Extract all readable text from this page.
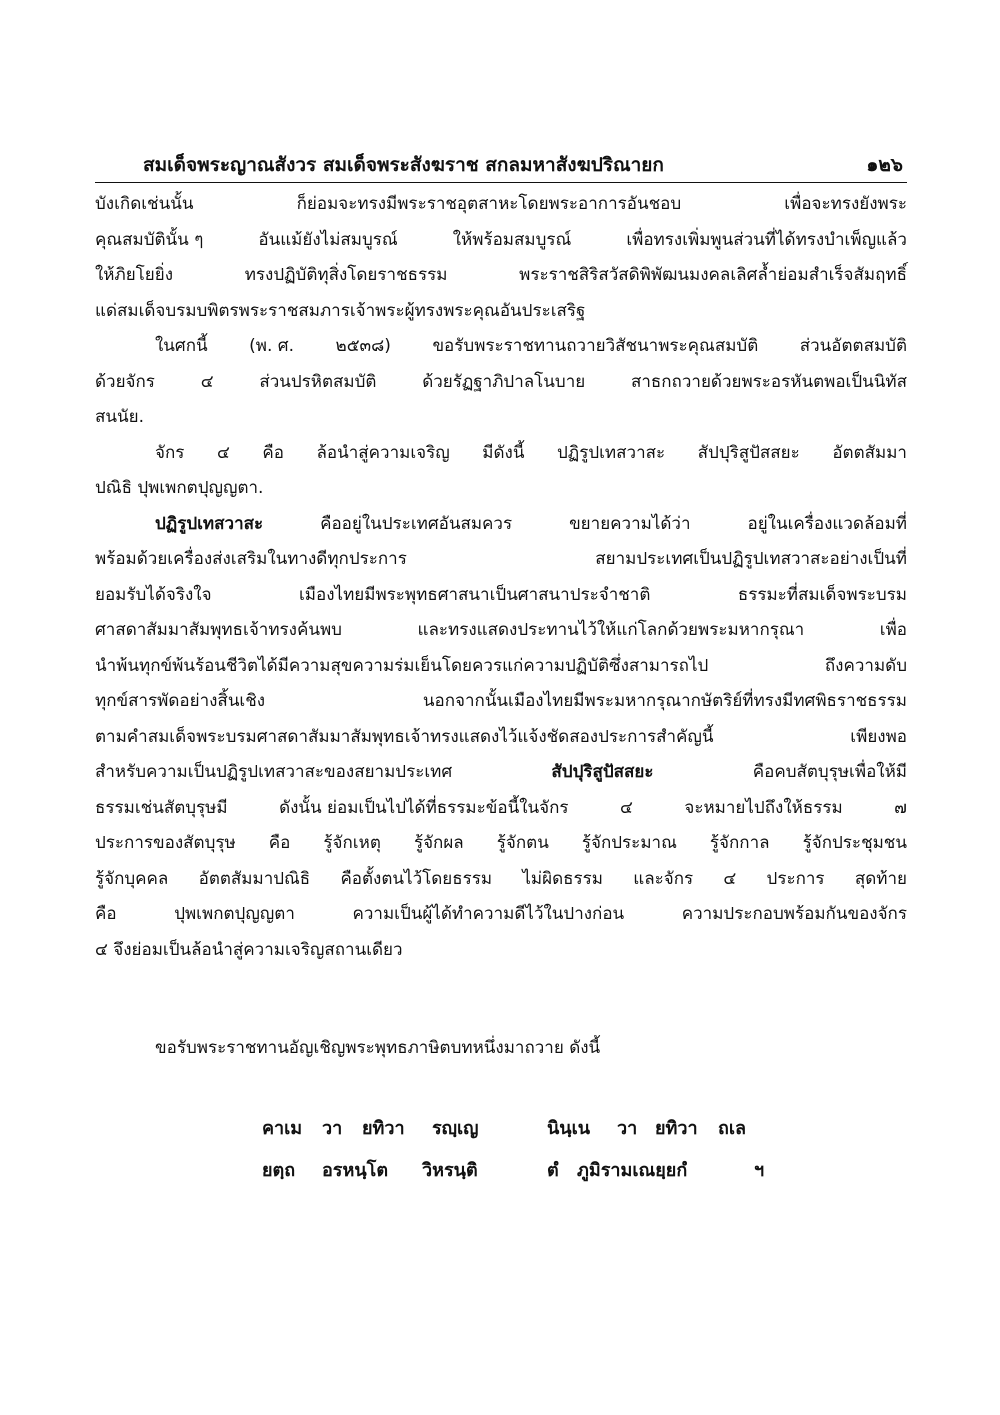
สมเด็จพระญาณสังวร สมเด็จพระสังฆราช สกลมหาสังฆปริณายก	๑๒๖
บังเกิดเช่นนั้น	ก็ย่อมจะทรงมีพระราชอุตสาหะโดยพระอาการอันชอบ	เพื่อจะทรงยังพระ
คุณสมบัตินั้น ๆ	อันแม้ยังไม่สมบูรณ์	ให้พร้อมสมบูรณ์	เพื่อทรงเพิ่มพูนส่วนที่ได้ทรงบำเพ็ญแล้ว
ให้ภิยโยยิ่ง	ทรงปฏิบัติทุสิ่งโดยราชธรรม	พระราชสิริสวัสดิพิพัฒนมงคลเลิศล้ำย่อมสำเร็จสัมฤทธิ์
แด่สมเด็จบรมบพิตรพระราชสมภารเจ้าพระผู้ทรงพระคุณอันประเสริฐ
ในศกนี้ (พ. ศ. ๒๕๓๘) ขอรับพระราชทานถวายวิสัชนาพระคุณสมบัติ ส่วนอัตตสมบัติ
ด้วยจักร	๔	ส่วนปรหิตสมบัติ	ด้วยรัฏฐาภิปาลโนบาย	สาธกถวายด้วยพระอรหันตพอเป็นนิทัส
สนนัย.
จักร ๔ คือ ล้อนำสู่ความเจริญ มีดังนี้ ปฏิรูปเทสวาสะ สัปปุริสูปัสสยะ อัตตสัมมา
ปณิธิ ปุพเพกตปุญญตา.
ปฏิรูปเทสวาสะ	คืออยู่ในประเทศอันสมควร	ขยายความได้ว่า	อยู่ในเครื่องแวดล้อมที่
พร้อมด้วยเครื่องส่งเสริมในทางดีทุกประการ	สยามประเทศเป็นปฏิรูปเทสวาสะอย่างเป็นที่
ยอมรับได้จริงใจ	เมืองไทยมีพระพุทธศาสนาเป็นศาสนาประจำชาติ	ธรรมะที่สมเด็จพระบรม
ศาสดาสัมมาสัมพุทธเจ้าทรงค้นพบ	และทรงแสดงประทานไว้ให้แก่โลกด้วยพระมหากรุณา	เพื่อ
นำพ้นทุกข์พ้นร้อนชีวิตได้มีความสุขความร่มเย็นโดยควรแก่ความปฏิบัติซึ่งสามารถไป	ถึงความดับ
ทุกข์สารพัดอย่างสิ้นเชิง	นอกจากนั้นเมืองไทยมีพระมหากรุณากษัตริย์ที่ทรงมีทศพิธราชธรรม
ตามคำสมเด็จพระบรมศาสดาสัมมาสัมพุทธเจ้าทรงแสดงไว้แจ้งชัดสองประการสำคัญนี้	เพียงพอ
สำหรับความเป็นปฏิรูปเทสวาสะของสยามประเทศ	สัปปุริสูปัสสยะ	คือคบสัตบุรุษเพื่อให้มี
ธรรมเช่นสัตบุรุษมี	ดังนั้น ย่อมเป็นไปได้ที่ธรรมะข้อนี้ในจักร	๔	จะหมายไปถึงให้ธรรม	๗
ประการของสัตบุรุษ คือ รู้จักเหตุ รู้จักผล รู้จักตน รู้จักประมาณ รู้จักกาล รู้จักประชุมชน
รู้จักบุคคล อัตตสัมมาปณิธิ คือตั้งตนไว้โดยธรรม ไม่ผิดธรรม และจักร ๔ ประการ สุดท้าย
คือ	ปุพเพกตปุญญตา	ความเป็นผู้ได้ทำความดีไว้ในปางก่อน	ความประกอบพร้อมกันของจักร
๔ จึงย่อมเป็นล้อนำสู่ความเจริญสถานเดียว
ขอรับพระราชทานอัญเชิญพระพุทธภาษิตบทหนึ่งมาถวาย ดังนี้
คาเม วา ยทิวา รญฺเญ	นินฺเน วา ยทิวา ถเล
ยตฺถ อรหนฺโต วิหรนฺติ	ตํ ภูมิรามเณยฺยกํ	ฯ
